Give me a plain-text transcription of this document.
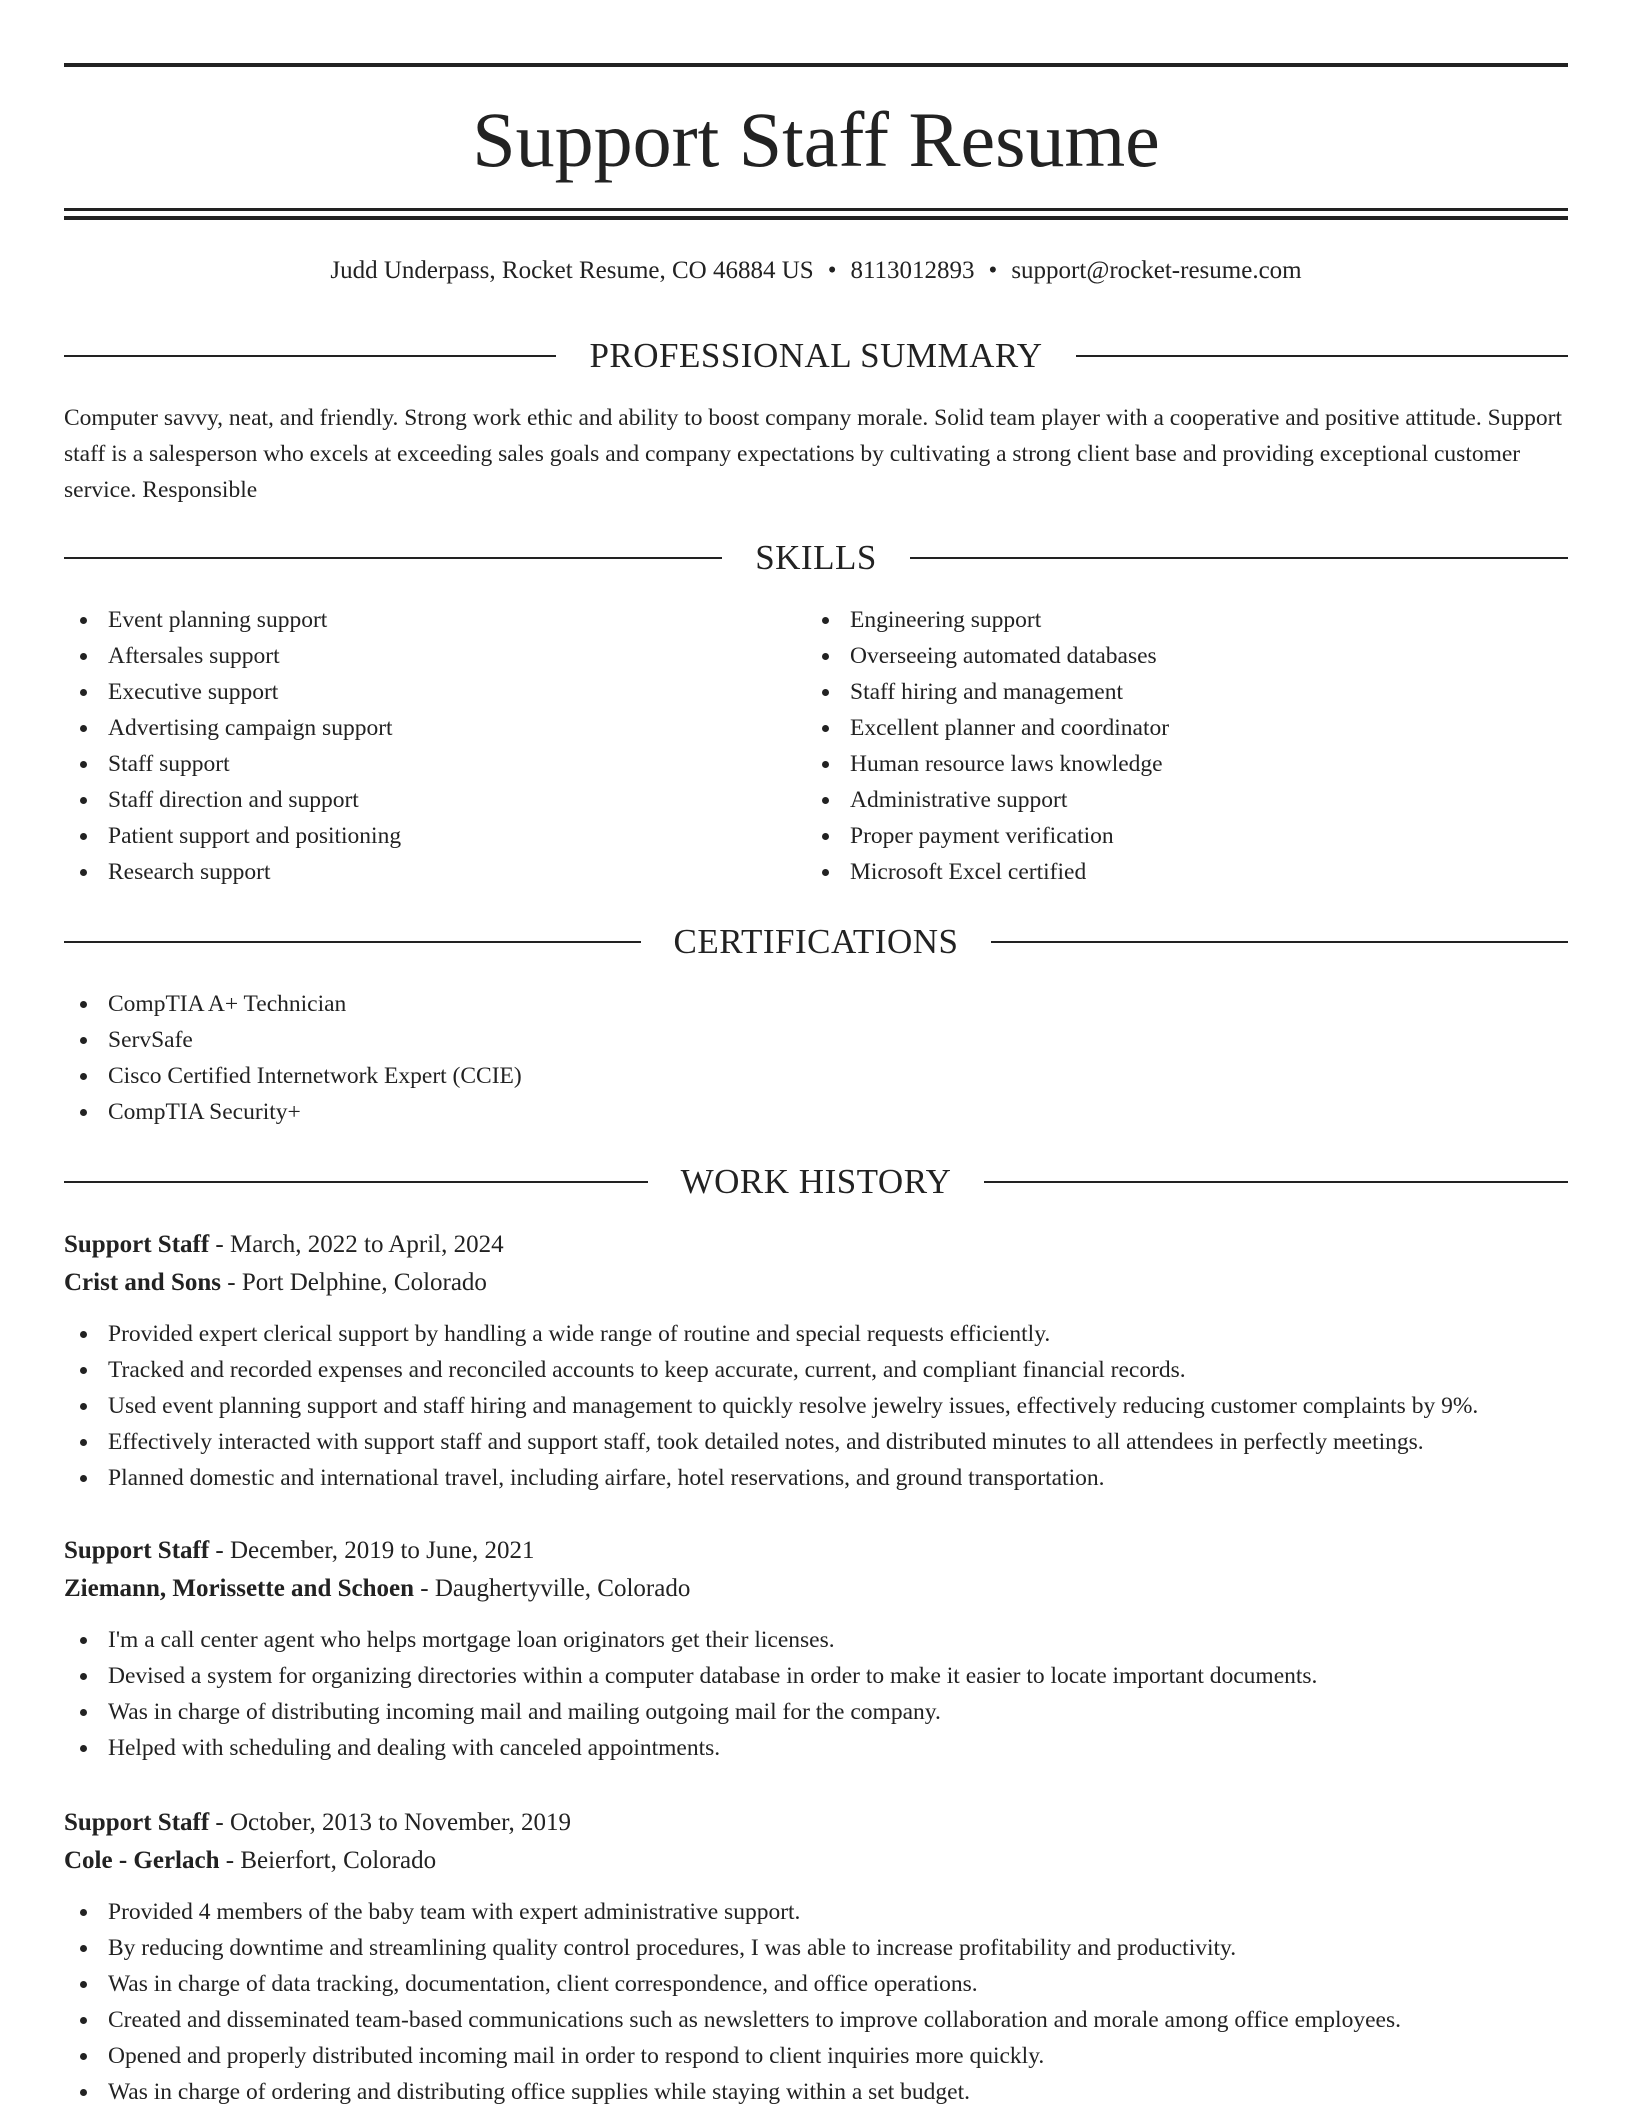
Support Staff Resume
Judd Underpass, Rocket Resume, CO 46884 US • 8113012893 • support@rocket-resume.com
PROFESSIONAL SUMMARY

Computer savvy, neat, and friendly. Strong work ethic and ability to boost company morale. Solid team player with a cooperative and positive attitude. Support staff is a salesperson who excels at exceeding sales goals and company expectations by cultivating a strong client base and providing exceptional customer service. Responsible

SKILLS
Event planning support
Aftersales support
Executive support
Advertising campaign support
Staff support
Staff direction and support
Patient support and positioning
Research support
Engineering support
Overseeing automated databases
Staff hiring and management
Excellent planner and coordinator
Human resource laws knowledge
Administrative support
Proper payment verification
Microsoft Excel certified
CERTIFICATIONS
CompTIA A+ Technician
ServSafe
Cisco Certified Internetwork Expert (CCIE)
CompTIA Security+
WORK HISTORY
Support Staff - March, 2022 to April, 2024
Crist and Sons - Port Delphine, Colorado
Provided expert clerical support by handling a wide range of routine and special requests efficiently.
Tracked and recorded expenses and reconciled accounts to keep accurate, current, and compliant financial records.
Used event planning support and staff hiring and management to quickly resolve jewelry issues, effectively reducing customer complaints by 9%.
Effectively interacted with support staff and support staff, took detailed notes, and distributed minutes to all attendees in perfectly meetings.
Planned domestic and international travel, including airfare, hotel reservations, and ground transportation.
Support Staff - December, 2019 to June, 2021
Ziemann, Morissette and Schoen - Daughertyville, Colorado
I'm a call center agent who helps mortgage loan originators get their licenses.
Devised a system for organizing directories within a computer database in order to make it easier to locate important documents.
Was in charge of distributing incoming mail and mailing outgoing mail for the company.
Helped with scheduling and dealing with canceled appointments.
Support Staff - October, 2013 to November, 2019
Cole - Gerlach - Beierfort, Colorado
Provided 4 members of the baby team with expert administrative support.
By reducing downtime and streamlining quality control procedures, I was able to increase profitability and productivity.
Was in charge of data tracking, documentation, client correspondence, and office operations.
Created and disseminated team-based communications such as newsletters to improve collaboration and morale among office employees.
Opened and properly distributed incoming mail in order to respond to client inquiries more quickly.
Was in charge of ordering and distributing office supplies while staying within a set budget.
